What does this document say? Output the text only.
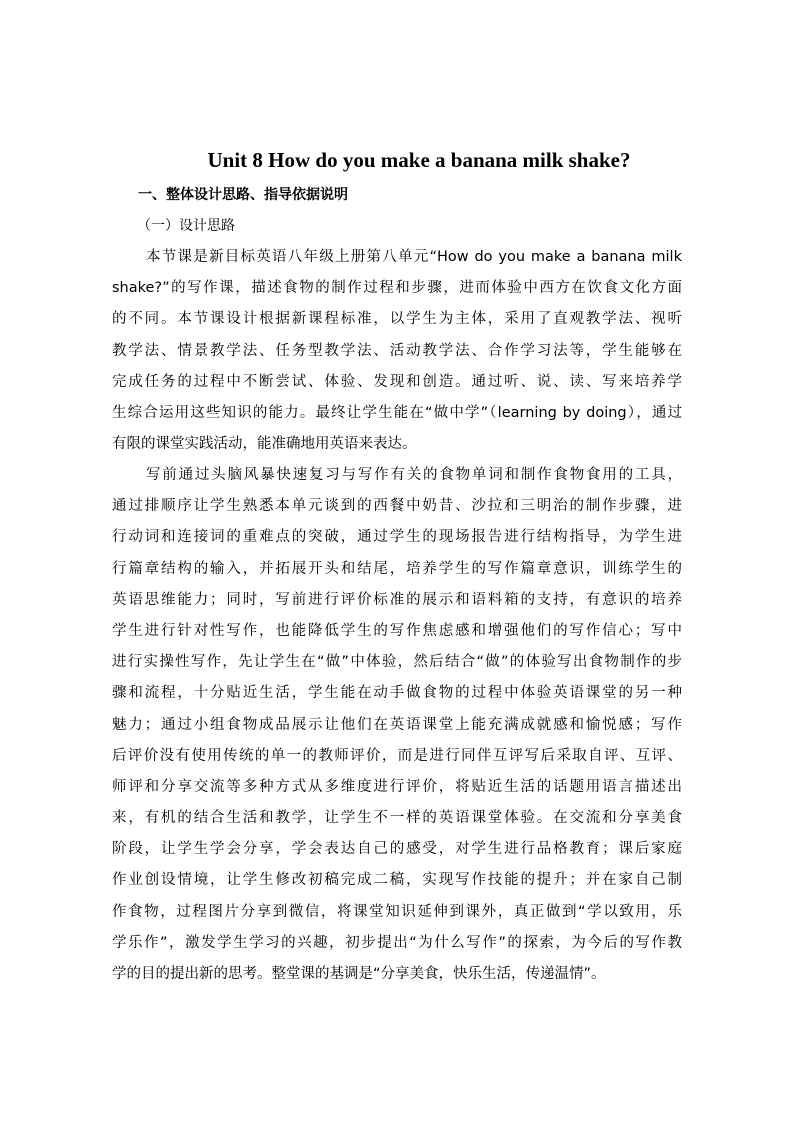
Unit 8 How do you make a banana milk shake?
一、整体设计思路、指导依据说明
（一）设计思路
本节课是新目标英语八年级上册第八单元“How do you make a banana milk
shake?”的写作课，描述食物的制作过程和步骤，进而体验中西方在饮食文化方面
的不同。本节课设计根据新课程标准，以学生为主体，采用了直观教学法、视听
教学法、情景教学法、任务型教学法、活动教学法、合作学习法等，学生能够在
完成任务的过程中不断尝试、体验、发现和创造。通过听、说、读、写来培养学
生综合运用这些知识的能力。最终让学生能在“做中学”（learning by doing），通过
有限的课堂实践活动，能准确地用英语来表达。
写前通过头脑风暴快速复习与写作有关的食物单词和制作食物食用的工具，
通过排顺序让学生熟悉本单元谈到的西餐中奶昔、沙拉和三明治的制作步骤，进
行动词和连接词的重难点的突破，通过学生的现场报告进行结构指导，为学生进
行篇章结构的输入，并拓展开头和结尾，培养学生的写作篇章意识，训练学生的
英语思维能力；同时，写前进行评价标准的展示和语料箱的支持，有意识的培养
学生进行针对性写作，也能降低学生的写作焦虑感和增强他们的写作信心；写中
进行实操性写作，先让学生在“做”中体验，然后结合“做”的体验写出食物制作的步
骤和流程，十分贴近生活，学生能在动手做食物的过程中体验英语课堂的另一种
魅力；通过小组食物成品展示让他们在英语课堂上能充满成就感和愉悦感；写作
后评价没有使用传统的单一的教师评价，而是进行同伴互评写后采取自评、互评、
师评和分享交流等多种方式从多维度进行评价，将贴近生活的话题用语言描述出
来，有机的结合生活和教学，让学生不一样的英语课堂体验。在交流和分享美食
阶段，让学生学会分享，学会表达自己的感受，对学生进行品格教育；课后家庭
作业创设情境，让学生修改初稿完成二稿，实现写作技能的提升；并在家自己制
作食物，过程图片分享到微信，将课堂知识延伸到课外，真正做到“学以致用，乐
学乐作”，激发学生学习的兴趣，初步提出“为什么写作”的探索，为今后的写作教
学的目的提出新的思考。整堂课的基调是“分享美食，快乐生活，传递温情”。
